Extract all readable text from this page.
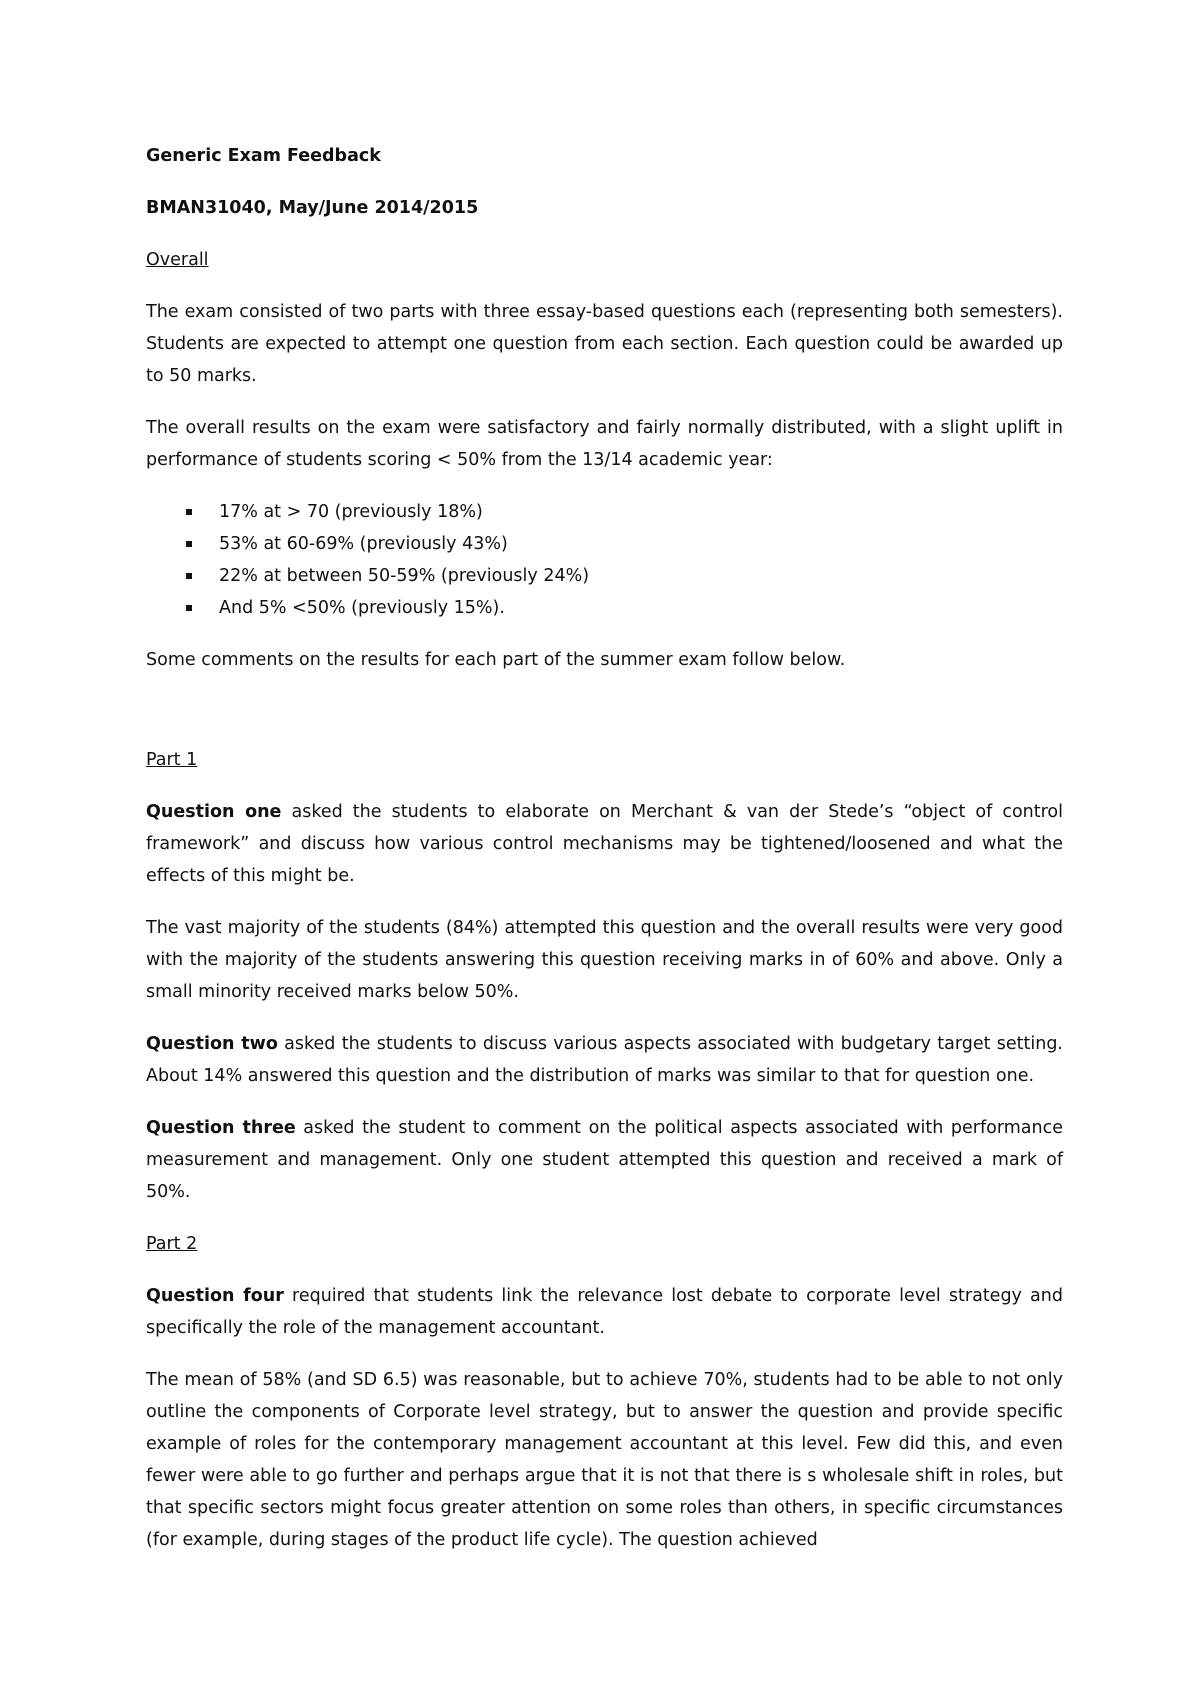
Generic Exam Feedback

BMAN31040, May/June 2014/2015

Overall

The exam consisted of two parts with three essay-based questions each (representing both semesters). Students are expected to attempt one question from each section. Each question could be awarded up to 50 marks.

The overall results on the exam were satisfactory and fairly normally distributed, with a slight uplift in performance of students scoring < 50% from the 13/14 academic year:

17% at > 70 (previously 18%)
53% at 60-69% (previously 43%)
22% at between 50-59% (previously 24%)
And 5% <50% (previously 15%).

Some comments on the results for each part of the summer exam follow below.

Part 1

Question one asked the students to elaborate on Merchant & van der Stede’s “object of control framework” and discuss how various control mechanisms may be tightened/loosened and what the effects of this might be.

The vast majority of the students (84%) attempted this question and the overall results were very good with the majority of the students answering this question receiving marks in of 60% and above. Only a small minority received marks below 50%.

Question two asked the students to discuss various aspects associated with budgetary target setting. About 14% answered this question and the distribution of marks was similar to that for question one.

Question three asked the student to comment on the political aspects associated with performance measurement and management. Only one student attempted this question and received a mark of 50%.

Part 2

Question four required that students link the relevance lost debate to corporate level strategy and specifically the role of the management accountant.

The mean of 58% (and SD 6.5) was reasonable, but to achieve 70%, students had to be able to not only outline the components of Corporate level strategy, but to answer the question and provide specific example of roles for the contemporary management accountant at this level. Few did this, and even fewer were able to go further and perhaps argue that it is not that there is s wholesale shift in roles, but that specific sectors might focus greater attention on some roles than others, in specific circumstances (for example, during stages of the product life cycle). The question achieved
